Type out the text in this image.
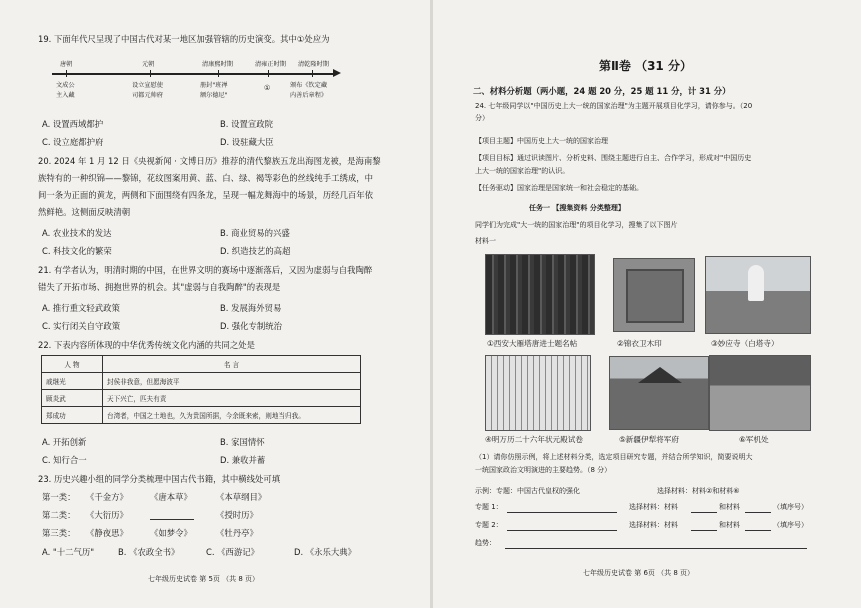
19. 下面年代尺呈现了中国古代对某一地区加强管辖的历史演变。其中①处应为
唐朝	元朝	清康熙时期	清雍正时期 清乾隆时期
文成公
主入藏
设立宣慰使
司都元帅府
册封"班禅
额尔德尼"
①	颁布《钦定藏
内善后章程》
A. 设置西域都护	B. 设置宣政院
C. 设立庭都护府	D. 设驻藏大臣
20. 2024 年 1 月 12 日《央视新闻 · 文博日历》推荐的清代黎族五龙出海图龙被，是海南黎
族特有的一种织锦——黎锦，花纹图案用黄、蓝、白、绿、褐等彩色的丝线纯手工绣成，中
间一条为正面的黄龙，两侧和下面围绕有四条龙，呈现一幅龙舞海中的场景，历经几百年依
然鲜艳。这侧面反映清朝
A. 农业技术的发达	B. 商业贸易的兴盛
C. 科技文化的繁荣	D. 织造技艺的高超
21. 有学者认为，明清时期的中国，在世界文明的赛场中逐渐落后，又因为虚弱与自我陶醉
错失了开拓市场、拥抱世界的机会。其"虚弱与自我陶醉"的表现是
A. 推行重文轻武政策	B. 发展海外贸易
C. 实行闭关自守政策	D. 强化专制统治
22. 下表内容所体现的中华优秀传统文化内涵的共同之处是
人 物	名 言
戚继光	封侯非我意，但愿海波平
顾炎武	天下兴亡，匹夫有责
郑成功	台湾者，中国之土地也，久为贵国所据，今余既来索，则地当归我。
A. 开拓创新	B. 家国情怀
C. 知行合一	D. 兼收并蓄
23. 历史兴趣小组的同学分类梳理中国古代书籍，其中横线处可填
第一类： 《千金方》	《唐本草》	《本草纲目》
第二类： 《大衍历》	《授时历》
第三类： 《静夜思》	《如梦令》	《牡丹亭》
A. "十二气历"	B. 《农政全书》	C. 《西游记》	D. 《永乐大典》
七年级历史试卷 第 5页 （共 8 页）
第Ⅱ卷 （31 分）
二、材料分析题（两小题，24 题 20 分，25 题 11 分，计 31 分）
24. 七年级同学以"中国历史上大一统的国家治理"为主题开展项目化学习，请你参与。（20
分）
【项目主题】中国历史上大一统的国家治理
【项目目标】通过识读图片、分析史料、围绕主题进行自主、合作学习，形成对"中国历史
上大一统的国家治理"的认识。
【任务驱动】国家治理是国家统一和社会稳定的基础。
任务一 【搜集资料 分类整理】
同学们为完成"大一统的国家治理"的项目化学习，搜集了以下图片
材料一
①西安大雁塔唐进士题名帖	②锦衣卫木印	③妙应寺（白塔寺）
④明万历二十六年状元殿试卷	⑤新疆伊犁将军府	⑥军机处
（1）请你仿照示例，将上述材料分类，选定项目研究专题，并结合所学知识，简要说明大
一统国家政治文明演进的主要趋势。（8 分）
示例：专题：中国古代皇权的强化	选择材料：材料②和材料⑥
专题 1：	选择材料：材料	和材料	（填序号）
专题 2：	选择材料：材料	和材料	（填序号）
趋势：
七年级历史试卷 第 6页 （共 8 页）
